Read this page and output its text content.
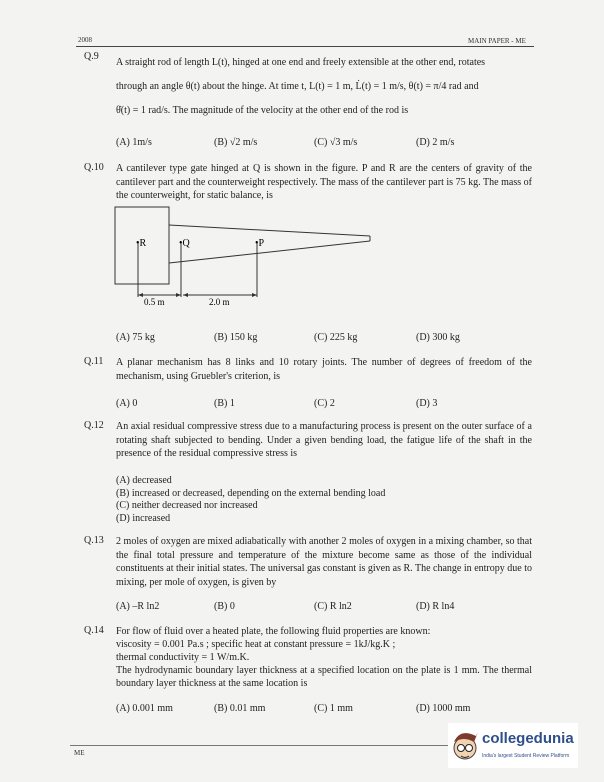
2008	MAIN PAPER - ME
Q.9
A straight rod of length L(t), hinged at one end and freely extensible at the other end, rotates
through an angle θ(t) about the hinge. At time t, L(t) = 1 m, L̇(t) = 1 m/s, θ(t) = π/4 rad and
θ̇(t) = 1 rad/s. The magnitude of the velocity at the other end of the rod is
(A) 1m/s	(B) √2 m/s	(C) √3 m/s	(D) 2 m/s
Q.10 A cantilever type gate hinged at Q is shown in the figure. P and R are the centers of gravity of the cantilever part and the counterweight respectively. The mass of the cantilever part is 75 kg. The mass of the counterweight, for static balance, is
•R	•Q	•P
0.5 m	2.0 m
(A) 75 kg	(B) 150 kg	(C) 225 kg	(D) 300 kg
Q.11 A planar mechanism has 8 links and 10 rotary joints. The number of degrees of freedom of the mechanism, using Gruebler's criterion, is
(A) 0	(B) 1	(C) 2	(D) 3
Q.12 An axial residual compressive stress due to a manufacturing process is present on the outer surface of a rotating shaft subjected to bending. Under a given bending load, the fatigue life of the shaft in the presence of the residual compressive stress is
(A) decreased
(B) increased or decreased, depending on the external bending load
(C) neither decreased nor increased
(D) increased
Q.13 2 moles of oxygen are mixed adiabatically with another 2 moles of oxygen in a mixing chamber, so that the final total pressure and temperature of the mixture become same as those of the individual constituents at their initial states. The universal gas constant is given as R. The change in entropy due to mixing, per mole of oxygen, is given by
(A) –R ln2	(B) 0	(C) R ln2	(D) R ln4
Q.14 For flow of fluid over a heated plate, the following fluid properties are known:
viscosity = 0.001 Pa.s ; specific heat at constant pressure = 1kJ/kg.K ;
thermal conductivity = 1 W/m.K.
The hydrodynamic boundary layer thickness at a specified location on the plate is 1 mm. The thermal boundary layer thickness at the same location is
(A) 0.001 mm	(B) 0.01 mm	(C) 1 mm	(D) 1000 mm
ME
collegedunia
India's largest Student Review Platform
